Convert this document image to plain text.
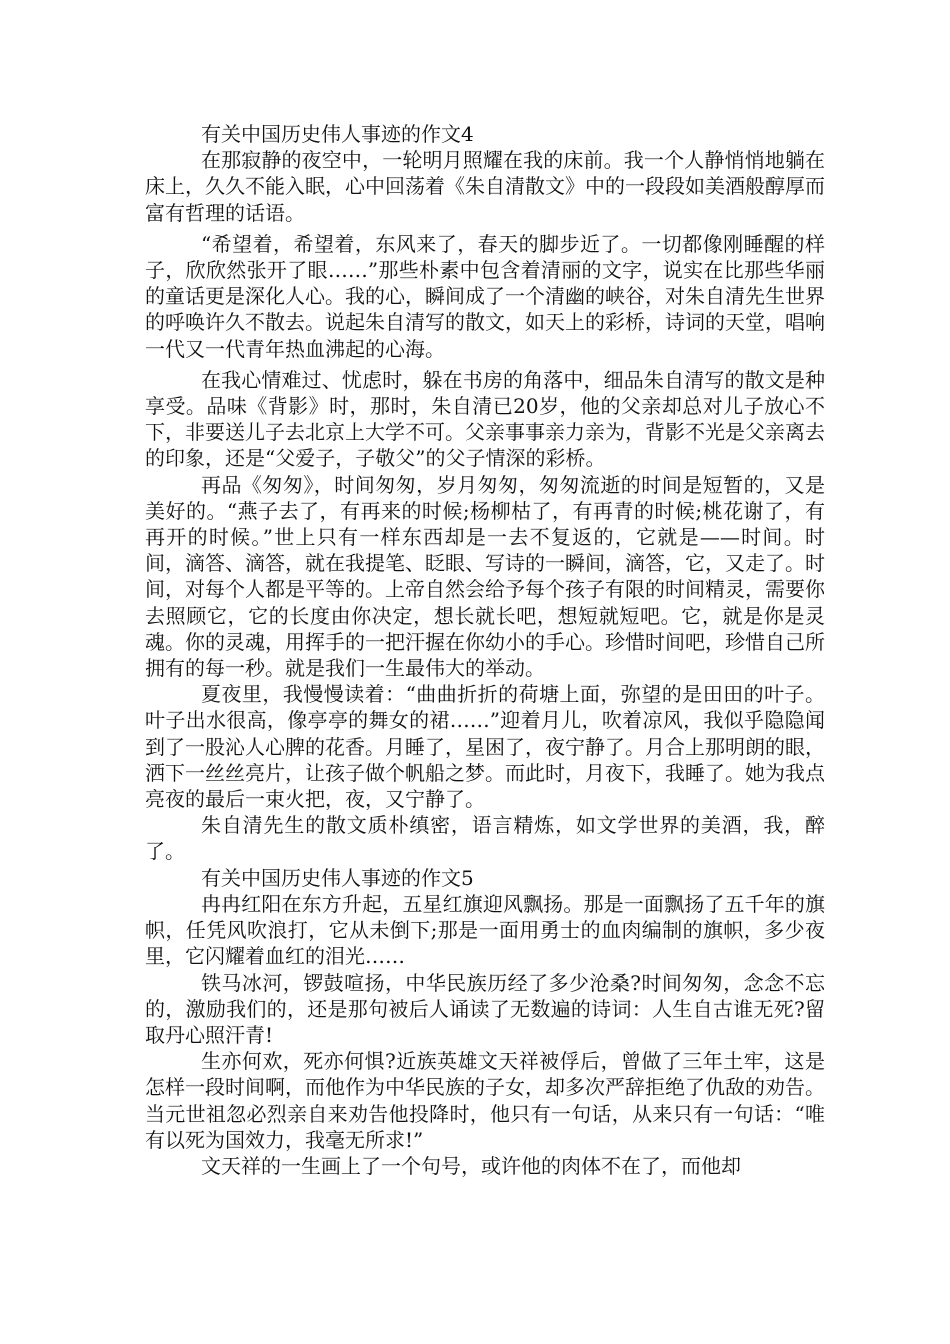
有关中国历史伟人事迹的作文4

在那寂静的夜空中，一轮明月照耀在我的床前。我一个人静悄悄地躺在床上，久久不能入眠，心中回荡着《朱自清散文》中的一段段如美酒般醇厚而富有哲理的话语。

“希望着，希望着，东风来了，春天的脚步近了。一切都像刚睡醒的样子，欣欣然张开了眼……”那些朴素中包含着清丽的文字，说实在比那些华丽的童话更是深化人心。我的心，瞬间成了一个清幽的峡谷，对朱自清先生世界的呼唤许久不散去。说起朱自清写的散文，如天上的彩桥，诗词的天堂，唱响一代又一代青年热血沸起的心海。

在我心情难过、忧虑时，躲在书房的角落中，细品朱自清写的散文是种享受。品味《背影》时，那时，朱自清已20岁，他的父亲却总对儿子放心不下，非要送儿子去北京上大学不可。父亲事事亲力亲为，背影不光是父亲离去的印象，还是“父爱子，子敬父”的父子情深的彩桥。

再品《匆匆》，时间匆匆，岁月匆匆，匆匆流逝的时间是短暂的，又是美好的。“燕子去了，有再来的时候;杨柳枯了，有再青的时候;桃花谢了，有再开的时候。”世上只有一样东西却是一去不复返的，它就是——时间。时间，滴答、滴答，就在我提笔、眨眼、写诗的一瞬间，滴答，它，又走了。时间，对每个人都是平等的。上帝自然会给予每个孩子有限的时间精灵，需要你去照顾它，它的长度由你决定，想长就长吧，想短就短吧。它，就是你是灵魂。你的灵魂，用挥手的一把汗握在你幼小的手心。珍惜时间吧，珍惜自己所拥有的每一秒。就是我们一生最伟大的举动。

夏夜里，我慢慢读着：“曲曲折折的荷塘上面，弥望的是田田的叶子。叶子出水很高，像亭亭的舞女的裙……”迎着月儿，吹着凉风，我似乎隐隐闻到了一股沁人心脾的花香。月睡了，星困了，夜宁静了。月合上那明朗的眼，洒下一丝丝亮片，让孩子做个帆船之梦。而此时，月夜下，我睡了。她为我点亮夜的最后一束火把，夜，又宁静了。

朱自清先生的散文质朴缜密，语言精炼，如文学世界的美酒，我，醉了。

有关中国历史伟人事迹的作文5

冉冉红阳在东方升起，五星红旗迎风飘扬。那是一面飘扬了五千年的旗帜，任凭风吹浪打，它从未倒下;那是一面用勇士的血肉编制的旗帜，多少夜里，它闪耀着血红的泪光……

铁马冰河，锣鼓喧扬，中华民族历经了多少沧桑?时间匆匆，念念不忘的，激励我们的，还是那句被后人诵读了无数遍的诗词：人生自古谁无死?留取丹心照汗青!

生亦何欢，死亦何惧?近族英雄文天祥被俘后，曾做了三年土牢，这是怎样一段时间啊，而他作为中华民族的子女，却多次严辞拒绝了仇敌的劝告。当元世祖忽必烈亲自来劝告他投降时，他只有一句话，从来只有一句话：“唯有以死为国效力，我毫无所求!”

文天祥的一生画上了一个句号，或许他的肉体不在了，而他却
